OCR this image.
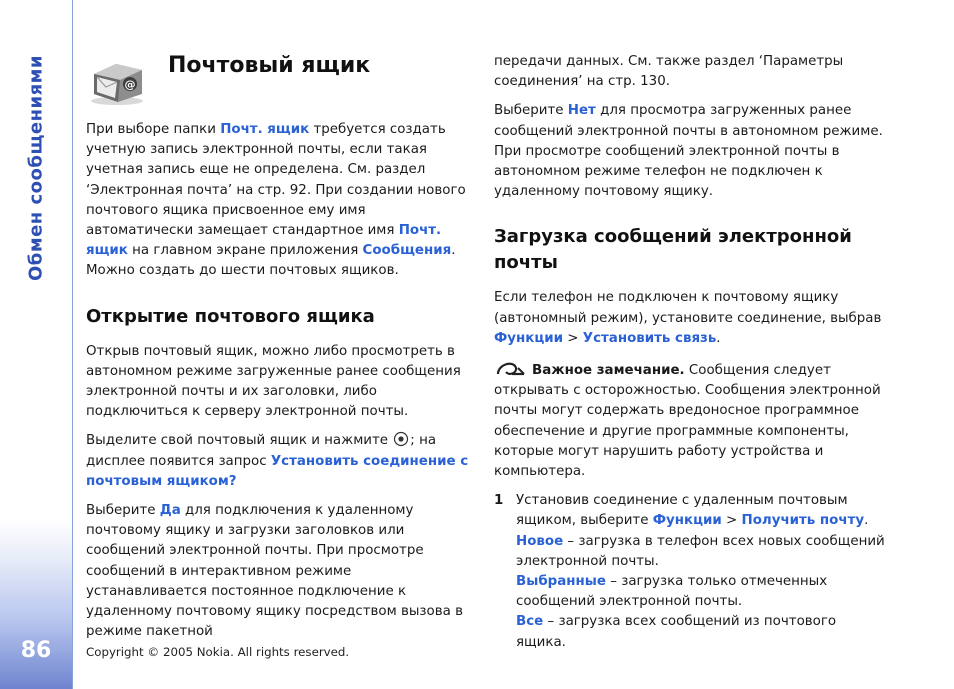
Обмен сообщениями
86
@
Почтовый ящик

При выборе папки Почт. ящик требуется создать учетную запись электронной почты, если такая учетная запись еще не определена. См. раздел ‘Электронная почта’ на стр. 92. При создании нового почтового ящика присвоенное ему имя автоматически замещает стандартное имя Почт. ящик на главном экране приложения Сообщения. Можно создать до шести почтовых ящиков.

Открытие почтового ящика

Открыв почтовый ящик, можно либо просмотреть в автономном режиме загруженные ранее сообщения электронной почты и их заголовки, либо подключиться к серверу электронной почты.

Выделите свой почтовый ящик и нажмите ; на дисплее появится запрос Установить соединение с почтовым ящиком?

Выберите Да для подключения к удаленному почтовому ящику и загрузки заголовков или сообщений электронной почты. При просмотре сообщений в интерактивном режиме устанавливается постоянное подключение к удаленному почтовому ящику посредством вызова в режиме пакетной

передачи данных. См. также раздел ‘Параметры соединения’ на стр. 130.

Выберите Нет для просмотра загруженных ранее сообщений электронной почты в автономном режиме. При просмотре сообщений электронной почты в автономном режиме телефон не подключен к удаленному почтовому ящику.

Загрузка сообщений электронной почты

Если телефон не подключен к почтовому ящику (автономный режим), установите соединение, выбрав Функции > Установить связь.

Важное замечание. Сообщения следует открывать с осторожностью. Сообщения электронной почты могут содержать вредоносное программное обеспечение и другие программные компоненты, которые могут нарушить работу устройства и компьютера.

1 Установив соединение с удаленным почтовым ящиком, выберите Функции > Получить почту.
Новое – загрузка в телефон всех новых сообщений электронной почты.
Выбранные – загрузка только отмеченных сообщений электронной почты.
Все – загрузка всех сообщений из почтового ящика.
Copyright © 2005 Nokia. All rights reserved.
